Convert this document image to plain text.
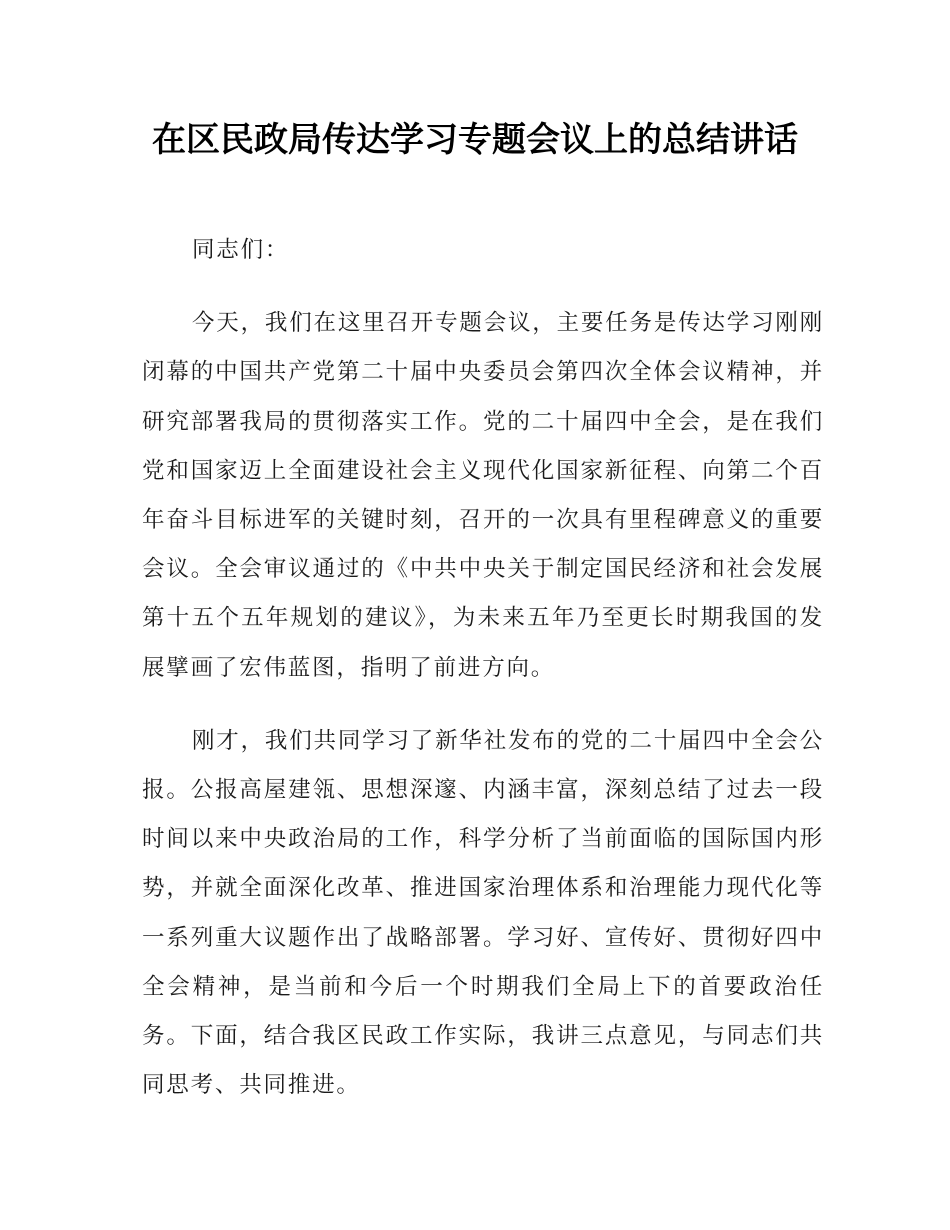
在区民政局传达学习专题会议上的总结讲话

同志们：

今天，我们在这里召开专题会议，主要任务是传达学习刚刚闭幕的中国共产党第二十届中央委员会第四次全体会议精神，并研究部署我局的贯彻落实工作。党的二十届四中全会，是在我们党和国家迈上全面建设社会主义现代化国家新征程、向第二个百年奋斗目标进军的关键时刻，召开的一次具有里程碑意义的重要会议。全会审议通过的《中共中央关于制定国民经济和社会发展第十五个五年规划的建议》，为未来五年乃至更长时期我国的发展擘画了宏伟蓝图，指明了前进方向。

刚才，我们共同学习了新华社发布的党的二十届四中全会公报。公报高屋建瓴、思想深邃、内涵丰富，深刻总结了过去一段时间以来中央政治局的工作，科学分析了当前面临的国际国内形势，并就全面深化改革、推进国家治理体系和治理能力现代化等一系列重大议题作出了战略部署。学习好、宣传好、贯彻好四中全会精神，是当前和今后一个时期我们全局上下的首要政治任务。下面，结合我区民政工作实际，我讲三点意见，与同志们共同思考、共同推进。
